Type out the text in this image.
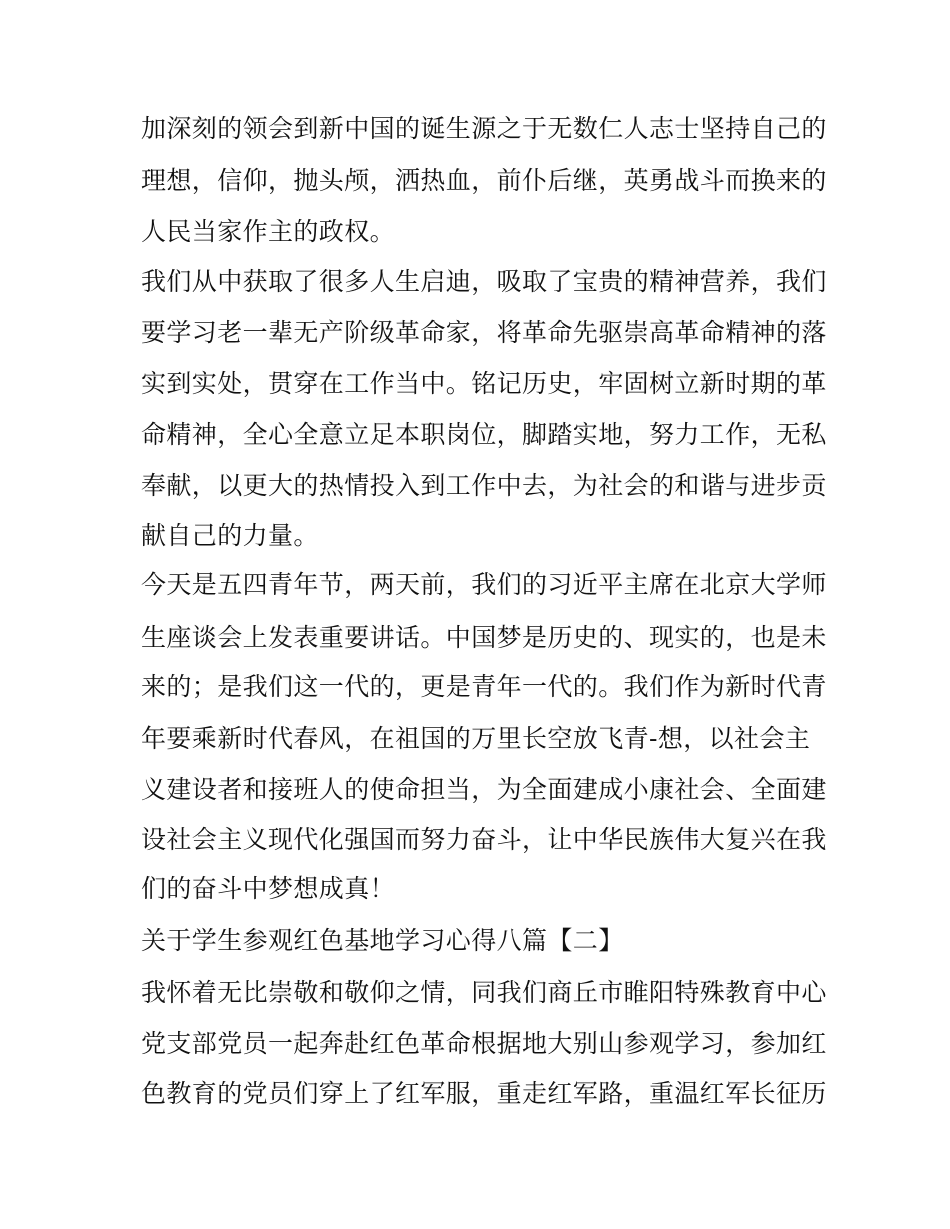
加深刻的领会到新中国的诞生源之于无数仁人志士坚持自己的
理想，信仰，抛头颅，洒热血，前仆后继，英勇战斗而换来的
人民当家作主的政权。
我们从中获取了很多人生启迪，吸取了宝贵的精神营养，我们
要学习老一辈无产阶级革命家，将革命先驱崇高革命精神的落
实到实处，贯穿在工作当中。铭记历史，牢固树立新时期的革
命精神，全心全意立足本职岗位，脚踏实地，努力工作，无私
奉献，以更大的热情投入到工作中去，为社会的和谐与进步贡
献自己的力量。
今天是五四青年节，两天前，我们的习近平主席在北京大学师
生座谈会上发表重要讲话。中国梦是历史的、现实的，也是未
来的；是我们这一代的，更是青年一代的。我们作为新时代青
年要乘新时代春风，在祖国的万里长空放飞青-想，以社会主
义建设者和接班人的使命担当，为全面建成小康社会、全面建
设社会主义现代化强国而努力奋斗，让中华民族伟大复兴在我
们的奋斗中梦想成真！
关于学生参观红色基地学习心得八篇【二】
我怀着无比崇敬和敬仰之情，同我们商丘市睢阳特殊教育中心
党支部党员一起奔赴红色革命根据地大别山参观学习，参加红
色教育的党员们穿上了红军服，重走红军路，重温红军长征历
